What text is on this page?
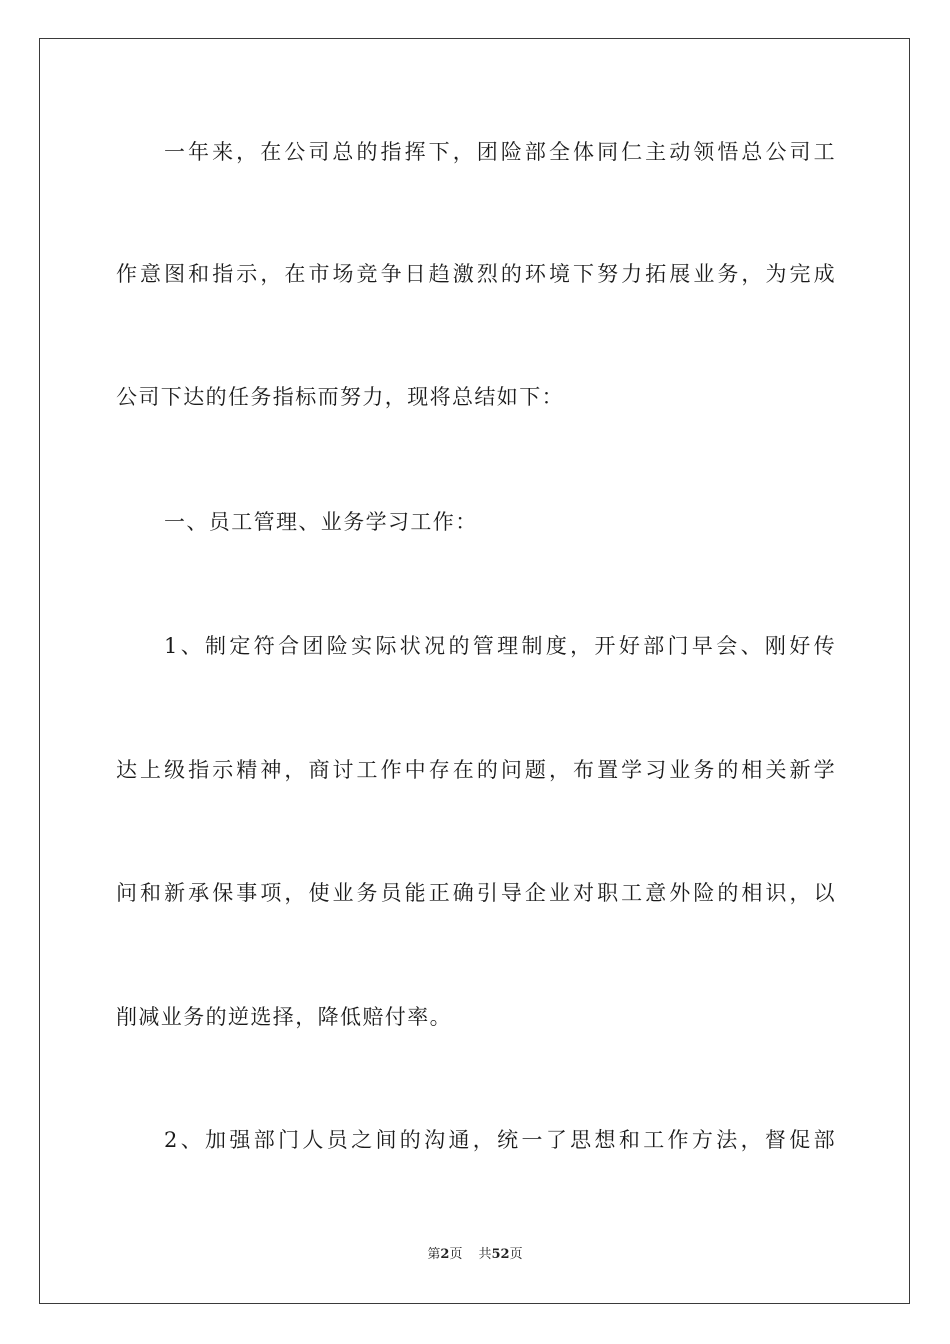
一年来，在公司总的指挥下，团险部全体同仁主动领悟总公司工
作意图和指示，在市场竞争日趋激烈的环境下努力拓展业务，为完成
公司下达的任务指标而努力，现将总结如下：
一、员工管理、业务学习工作：
1、制定符合团险实际状况的管理制度，开好部门早会、刚好传
达上级指示精神，商讨工作中存在的问题，布置学习业务的相关新学
问和新承保事项，使业务员能正确引导企业对职工意外险的相识，以
削减业务的逆选择，降低赔付率。
2、加强部门人员之间的沟通，统一了思想和工作方法，督促部
第2页 共52页
